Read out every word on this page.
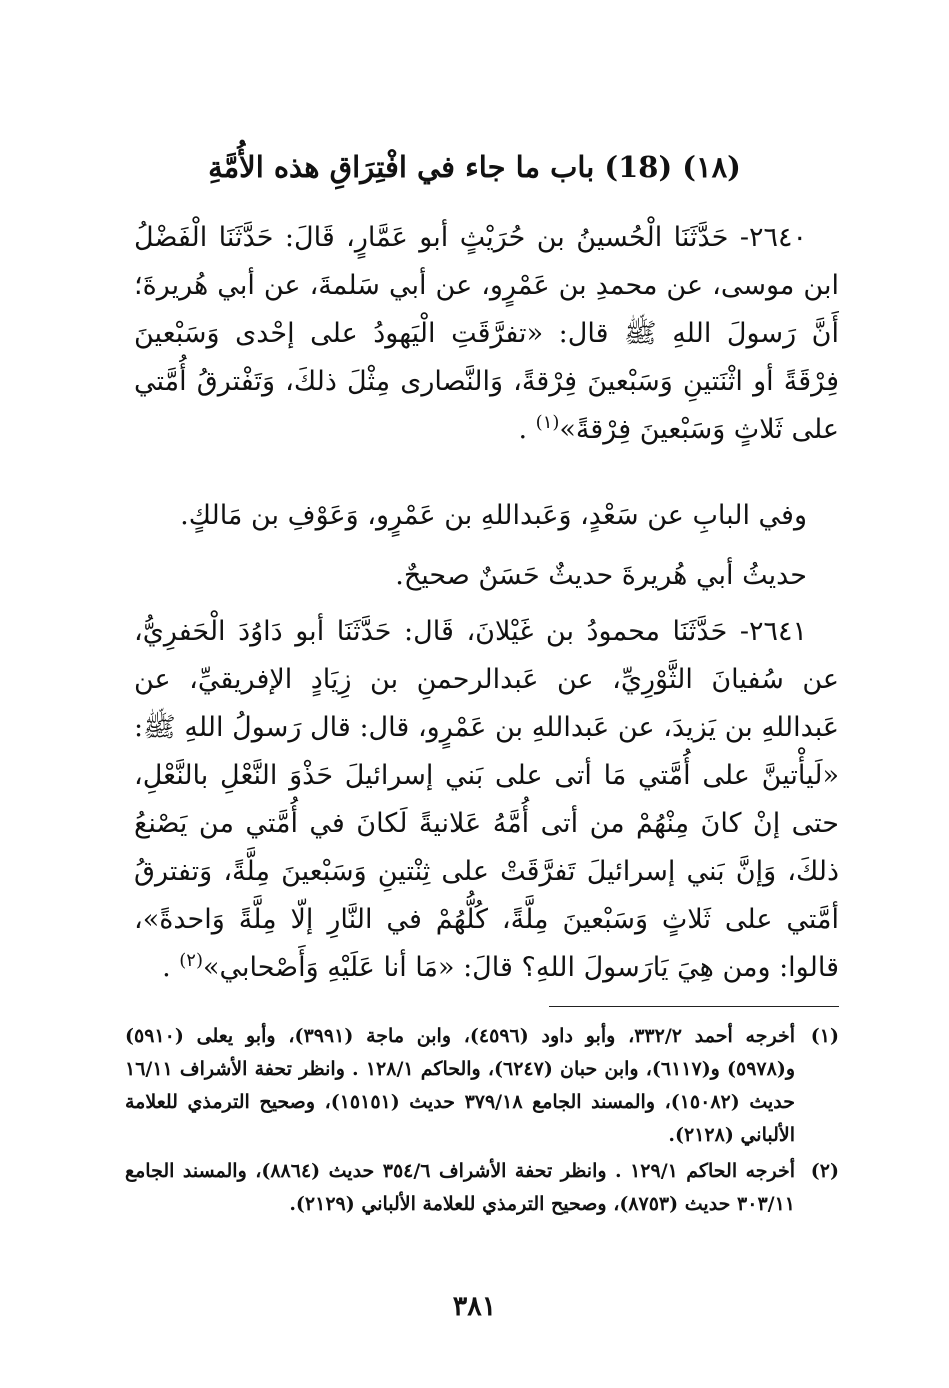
(١٨) (18) باب ما جاء في افْتِرَاقِ هذه الأُمَّةِ

٢٦٤٠- حَدَّثَنَا الْحُسينُ بن حُرَيْثٍ أبو عَمَّارٍ، قَالَ: حَدَّثَنَا الْفَضْلُ ابن موسى، عن محمدِ بن عَمْرٍو، عن أبي سَلمةَ، عن أبي هُريرةَ؛ أَنَّ رَسولَ اللهِ ﷺ قال: «تفرَّقَتِ الْيَهودُ على إحْدى وَسَبْعينَ فِرْقَةً أو اثْنَتينِ وَسَبْعينَ فِرْقةً، وَالنَّصارى مِثْلَ ذلكَ، وَتَفْترقُ أُمَّتي على ثَلاثٍ وَسَبْعينَ فِرْقةً»$^{(١)}$ .

وفي البابِ عن سَعْدٍ، وَعَبداللهِ بن عَمْرٍو، وَعَوْفِ بن مَالكٍ.

حديثُ أبي هُريرةَ حديثٌ حَسَنٌ صحيحٌ.

٢٦٤١- حَدَّثَنَا محمودُ بن غَيْلانَ، قَال: حَدَّثَنَا أبو دَاوُدَ الْحَفرِيُّ، عن سُفيانَ الثَّوْرِيِّ، عن عَبدالرحمنِ بن زِيَادٍ الإفريقيِّ، عن عَبداللهِ بن يَزيدَ، عن عَبداللهِ بن عَمْرٍو، قال: قال رَسولُ اللهِ ﷺ: «لَيأْتينَّ على أُمَّتي مَا أتى على بَني إسرائيلَ حَذْوَ النَّعْلِ بالنَّعْلِ، حتى إنْ كانَ مِنْهُمْ من أتى أُمَّهُ عَلانيةً لَكانَ في أُمَّتي من يَصْنعُ ذلكَ، وَإنَّ بَني إسرائيلَ تَفرَّقَتْ على ثِنْتينِ وَسَبْعينَ مِلَّةً، وَتفترقُ أمَّتي على ثَلاثٍ وَسَبْعينَ مِلَّةً، كُلُّهُمْ في النَّارِ إلّا مِلَّةً وَاحدةً»، قالوا: ومن هِيَ يَارَسولَ اللهِ؟ قالَ: «مَا أنا عَلَيْهِ وَأَصْحابي»$^{(٢)}$ .

(١)
أخرجه أحمد ٣٣٢/٢، وأبو داود (٤٥٩٦)، وابن ماجة (٣٩٩١)، وأبو يعلى (٥٩١٠) و(٥٩٧٨) و(٦١١٧)، وابن حبان (٦٢٤٧)، والحاكم ١٢٨/١ . وانظر تحفة الأشراف ١٦/١١ حديث (١٥٠٨٢)، والمسند الجامع ٣٧٩/١٨ حديث (١٥١٥١)، وصحيح الترمذي للعلامة الألباني (٢١٢٨).

(٢)
أخرجه الحاكم ١٢٩/١ . وانظر تحفة الأشراف ٣٥٤/٦ حديث (٨٨٦٤)، والمسند الجامع ٣٠٣/١١ حديث (٨٧٥٣)، وصحيح الترمذي للعلامة الألباني (٢١٢٩).

٣٨١
